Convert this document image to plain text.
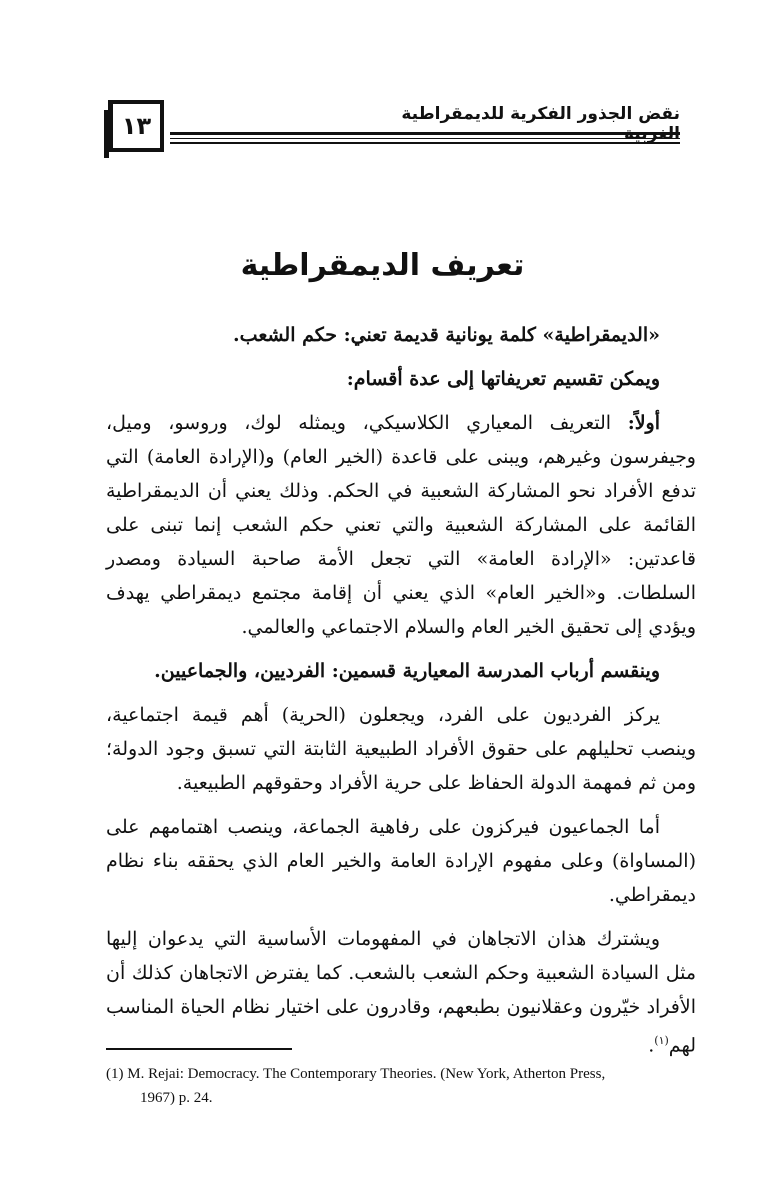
١٣	نقض الجذور الفكرية للديمقراطية
تعريف الديمقراطية

«الديمقراطية» كلمة يونانية قديمة تعني: حكم الشعب.

ويمكن تقسيم تعريفاتها إلى عدة أقسام:

أولاً: التعريف المعياري الكلاسيكي، ويمثله لوك، وروسو، وميل، وجيفرسون وغيرهم، ويبنى على قاعدة (الخير العام) و(الإرادة العامة) التي تدفع الأفراد نحو المشاركة الشعبية في الحكم. وذلك يعني أن الديمقراطية القائمة على المشاركة الشعبية والتي تعني حكم الشعب إنما تبنى على قاعدتين: «الإرادة العامة» التي تجعل الأمة صاحبة السيادة ومصدر السلطات. و«الخير العام» الذي يعني أن إقامة مجتمع ديمقراطي يهدف ويؤدي إلى تحقيق الخير العام والسلام الاجتماعي والعالمي.

وينقسم أرباب المدرسة المعيارية قسمين: الفرديين، والجماعيين.

يركز الفرديون على الفرد، ويجعلون (الحرية) أهم قيمة اجتماعية، وينصب تحليلهم على حقوق الأفراد الطبيعية الثابتة التي تسبق وجود الدولة؛ ومن ثم فمهمة الدولة الحفاظ على حرية الأفراد وحقوقهم الطبيعية.

أما الجماعيون فيركزون على رفاهية الجماعة، وينصب اهتمامهم على (المساواة) وعلى مفهوم الإرادة العامة والخير العام الذي يحققه بناء نظام ديمقراطي.

ويشترك هذان الاتجاهان في المفهومات الأساسية التي يدعوان إليها مثل السيادة الشعبية وحكم الشعب بالشعب. كما يفترض الاتجاهان كذلك أن الأفراد خيّرون وعقلانيون بطبعهم، وقادرون على اختيار نظام الحياة المناسب لهم$^{(١)}$.

(1) M. Rejai: Democracy. The Contemporary Theories. (New York, Atherton Press,
1967) p. 24.
